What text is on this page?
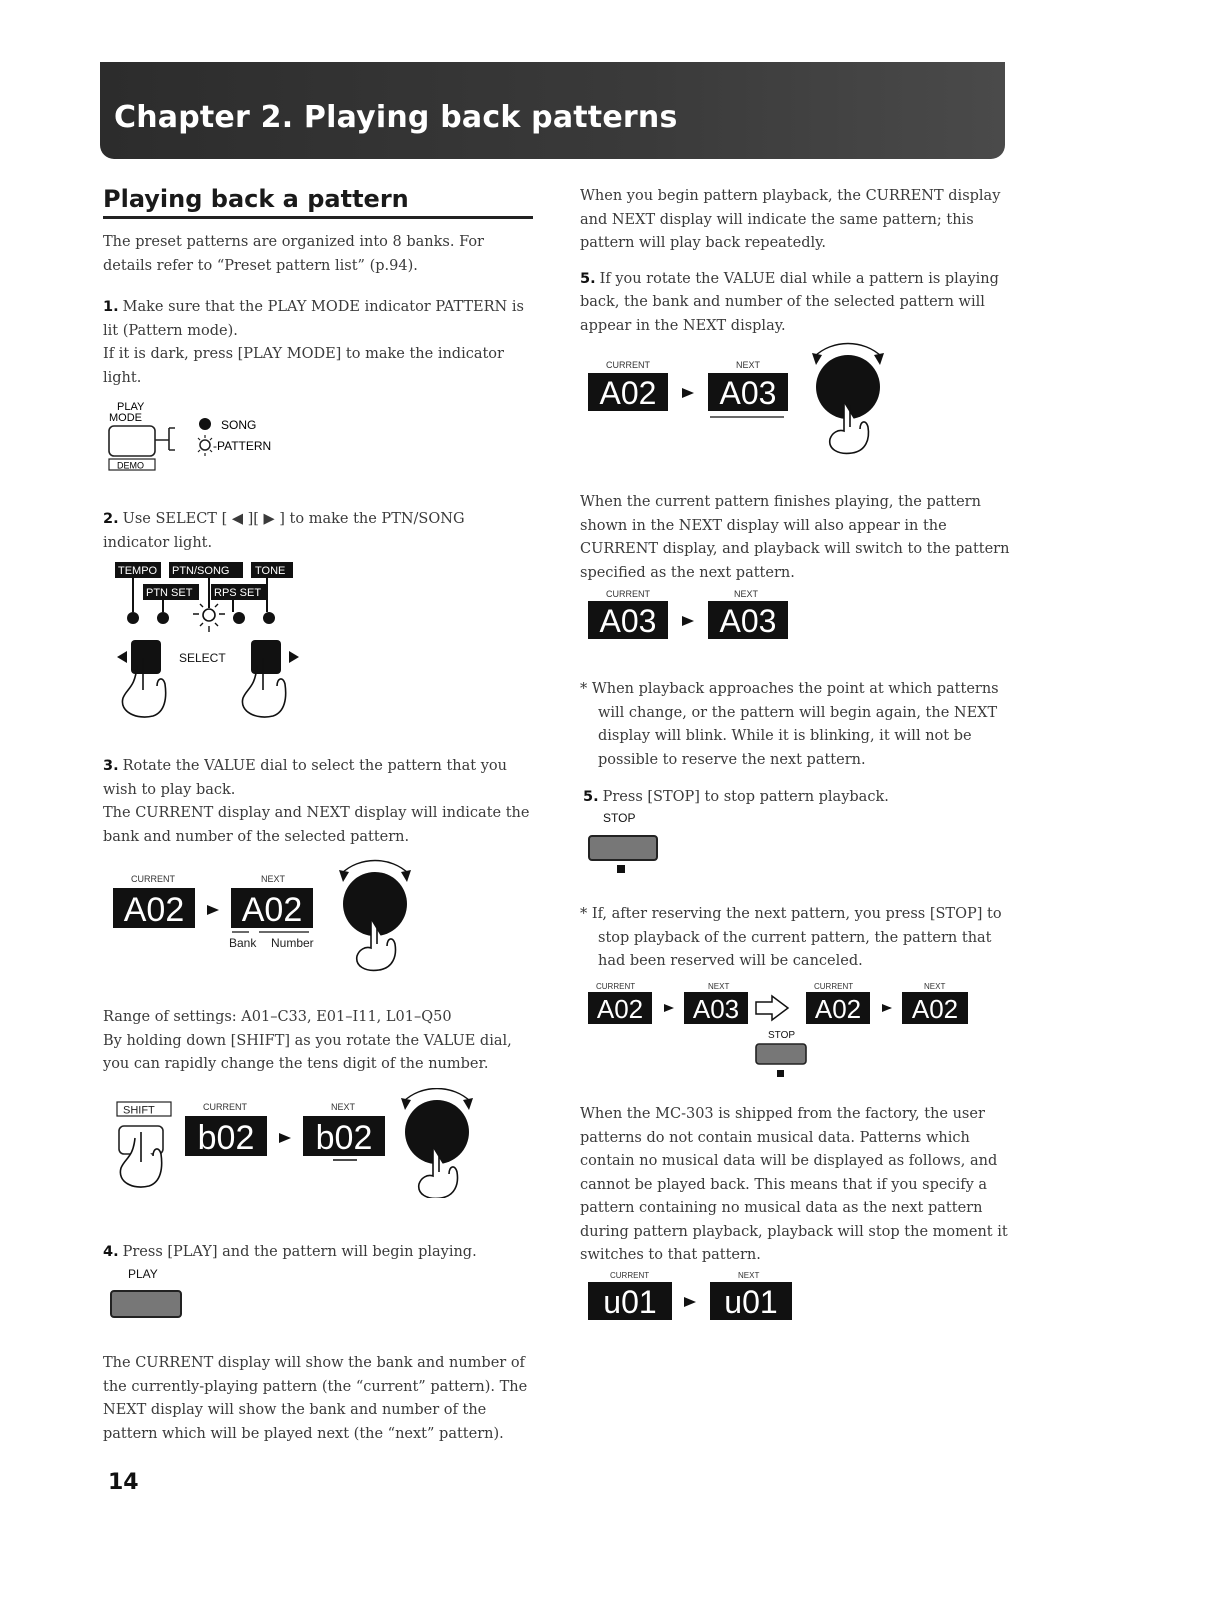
Chapter 2. Playing back patterns
Playing back a pattern

The preset patterns are organized into 8 banks. For details refer to “Preset pattern list” (p.94).

1. Make sure that the PLAY MODE indicator PATTERN is lit (Pattern mode).

If it is dark, press [PLAY MODE] to make the indicator light.

PLAY
MODE
DEMO
SONG
-PATTERN

2. Use SELECT [ ◀ ][ ▶ ] to make the PTN/SONG indicator light.

TEMPO PTN/SONG TONE
PTN SET RPS SET
SELECT

3. Rotate the VALUE dial to select the pattern that you wish to play back.

The CURRENT display and NEXT display will indicate the bank and number of the selected pattern.

CURRENT	NEXT
A02 A02
Bank Number

Range of settings: A01–C33, E01–I11, L01–Q50

By holding down [SHIFT] as you rotate the VALUE dial, you can rapidly change the tens digit of the number.

SHIFT	CURRENT	NEXT
b02 b02

4. Press [PLAY] and the pattern will begin playing.

PLAY

The CURRENT display will show the bank and number of the currently-playing pattern (the “current” pattern). The NEXT display will show the bank and number of the pattern which will be played next (the “next” pattern).

14

When you begin pattern playback, the CURRENT display and NEXT display will indicate the same pattern; this pattern will play back repeatedly.

5. If you rotate the VALUE dial while a pattern is playing back, the bank and number of the selected pattern will appear in the NEXT display.

CURRENT	NEXT
A02 A03

When the current pattern finishes playing, the pattern shown in the NEXT display will also appear in the CURRENT display, and playback will switch to the pattern specified as the next pattern.

CURRENT	NEXT
A03 A03

* When playback approaches the point at which patterns will change, or the pattern will begin again, the NEXT display will blink. While it is blinking, it will not be possible to reserve the next pattern.

5. Press [STOP] to stop pattern playback.

STOP

* If, after reserving the next pattern, you press [STOP] to stop playback of the current pattern, the pattern that had been reserved will be canceled.

CURRENT	NEXT	CURRENT	NEXT
A02 A03	A02 A02
STOP

When the MC-303 is shipped from the factory, the user patterns do not contain musical data. Patterns which contain no musical data will be displayed as follows, and cannot be played back. This means that if you specify a pattern containing no musical data as the next pattern during pattern playback, playback will stop the moment it switches to that pattern.

CURRENT	NEXT
u01 u01
